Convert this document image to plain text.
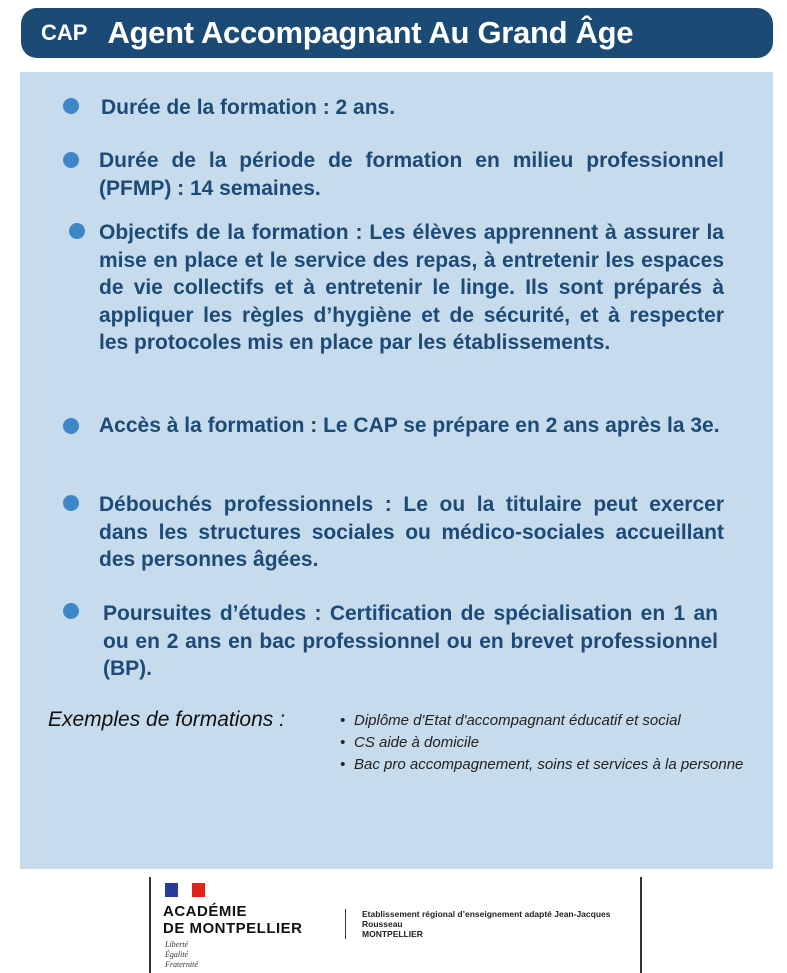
CAP Agent Accompagnant Au Grand Âge
Durée de la formation : 2 ans.
Durée de la période de formation en milieu professionnel (PFMP) : 14 semaines.
Objectifs de la formation : Les élèves apprennent à assurer la mise en place et le service des repas, à entretenir les espaces de vie collectifs et à entretenir le linge. Ils sont préparés à appliquer les règles d’hygiène et de sécurité, et à respecter les protocoles mis en place par les établissements.
Accès à la formation : Le CAP se prépare en 2 ans après la 3e.
Débouchés professionnels : Le ou la titulaire peut exercer dans les structures sociales ou médico-sociales accueillant des personnes âgées.
Poursuites d’études : Certification de spécialisation en 1 an ou en 2 ans en bac professionnel ou en brevet professionnel (BP).
Exemples de formations :	• Diplôme d'Etat d'accompagnant éducatif et social
• CS aide à domicile
• Bac pro accompagnement, soins et services à la personne
ACADÉMIE
DE MONTPELLIER
Liberté
Égalité
Fraternité
Etablissement régional d’enseignement adapté Jean-Jacques Rousseau
MONTPELLIER
